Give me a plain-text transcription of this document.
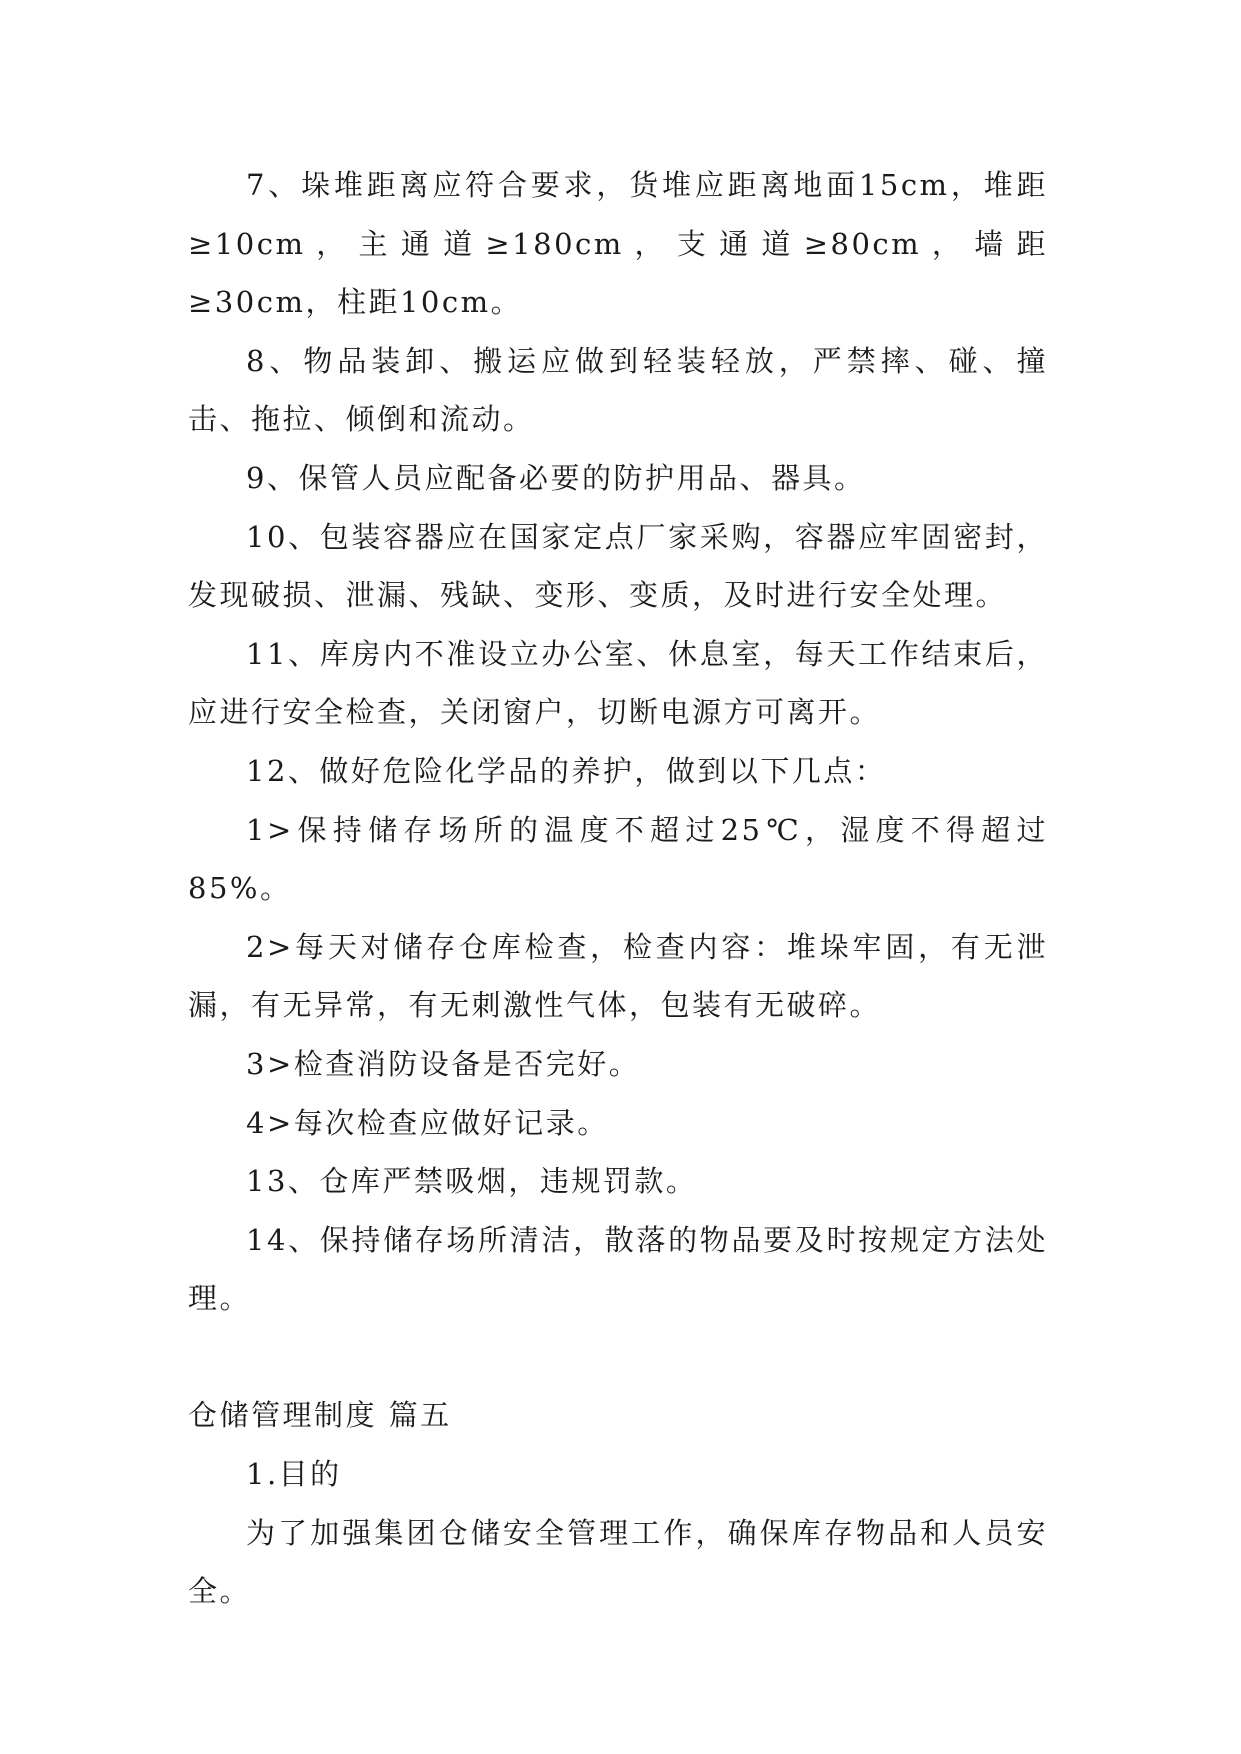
7、垛堆距离应符合要求，货堆应距离地面15cm，堆距≥10cm，主通道≥180cm，支通道≥80cm，墙距≥30cm，柱距10cm。

8、物品装卸、搬运应做到轻装轻放，严禁摔、碰、撞击、拖拉、倾倒和流动。

9、保管人员应配备必要的防护用品、器具。

10、包装容器应在国家定点厂家采购，容器应牢固密封，发现破损、泄漏、残缺、变形、变质，及时进行安全处理。

11、库房内不准设立办公室、休息室，每天工作结束后，应进行安全检查，关闭窗户，切断电源方可离开。

12、做好危险化学品的养护，做到以下几点：

1>保持储存场所的温度不超过25℃，湿度不得超过85%。

2>每天对储存仓库检查，检查内容：堆垛牢固，有无泄漏，有无异常，有无刺激性气体，包装有无破碎。

3>检查消防设备是否完好。

4>每次检查应做好记录。

13、仓库严禁吸烟，违规罚款。

14、保持储存场所清洁，散落的物品要及时按规定方法处理。

仓储管理制度 篇五

1.目的

为了加强集团仓储安全管理工作，确保库存物品和人员安全。
